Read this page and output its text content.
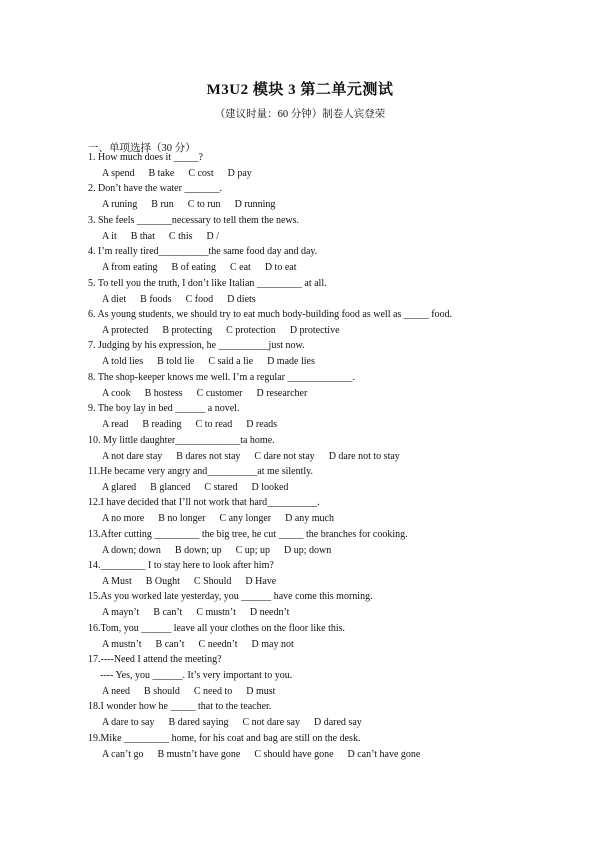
M3U2 模块 3 第二单元测试
（建议时量：60 分钟）制卷人宾登荣
一、单项选择（30 分）
1. How much does it _____?
A spend B take C cost D pay
2. Don’t have the water _______.
A runing B run C to run D running
3. She feels _______necessary to tell them the news.
A it B that C this D /
4. I’m really tired__________the same food day and day.
A from eating B of eating C eat D to eat
5. To tell you the truth, I don’t like Italian _________ at all.
A diet B foods C food D diets
6. As young students, we should try to eat much body-building food as well as _____ food.
A protected B protecting C protection D protective
7. Judging by his expression, he __________just now.
A told lies B told lie C said a lie D made lies
8. The shop-keeper knows me well. I’m a regular _____________.
A cook B hostess C customer D researcher
9. The boy lay in bed ______ a novel.
A read B reading C to read D reads
10. My little daughter_____________ta home.
A not dare stay B dares not stay C dare not stay D dare not to stay
11.He became very angry and__________at me silently.
A glared B glanced C stared D looked
12.I have decided that I’ll not work that hard__________.
A no more B no longer C any longer D any much
13.After cutting _________ the big tree, he cut _____ the branches for cooking.
A down; down B down; up C up; up D up; down
14._________ I to stay here to look after him?
A Must B Ought C Should D Have
15.As you worked late yesterday, you ______ have come this morning.
A mayn’t B can’t C mustn’t D needn’t
16.Tom, you ______ leave all your clothes on the floor like this.
A mustn’t B can’t C needn’t D may not
17.----Need I attend the meeting?
---- Yes, you ______. It’s very important to you.
A need B should C need to D must
18.I wonder how he _____ that to the teacher.
A dare to say B dared saying C not dare say D dared say
19.Mike _________ home, for his coat and bag are still on the desk.
A can’t go B mustn’t have gone C should have gone D can’t have gone
